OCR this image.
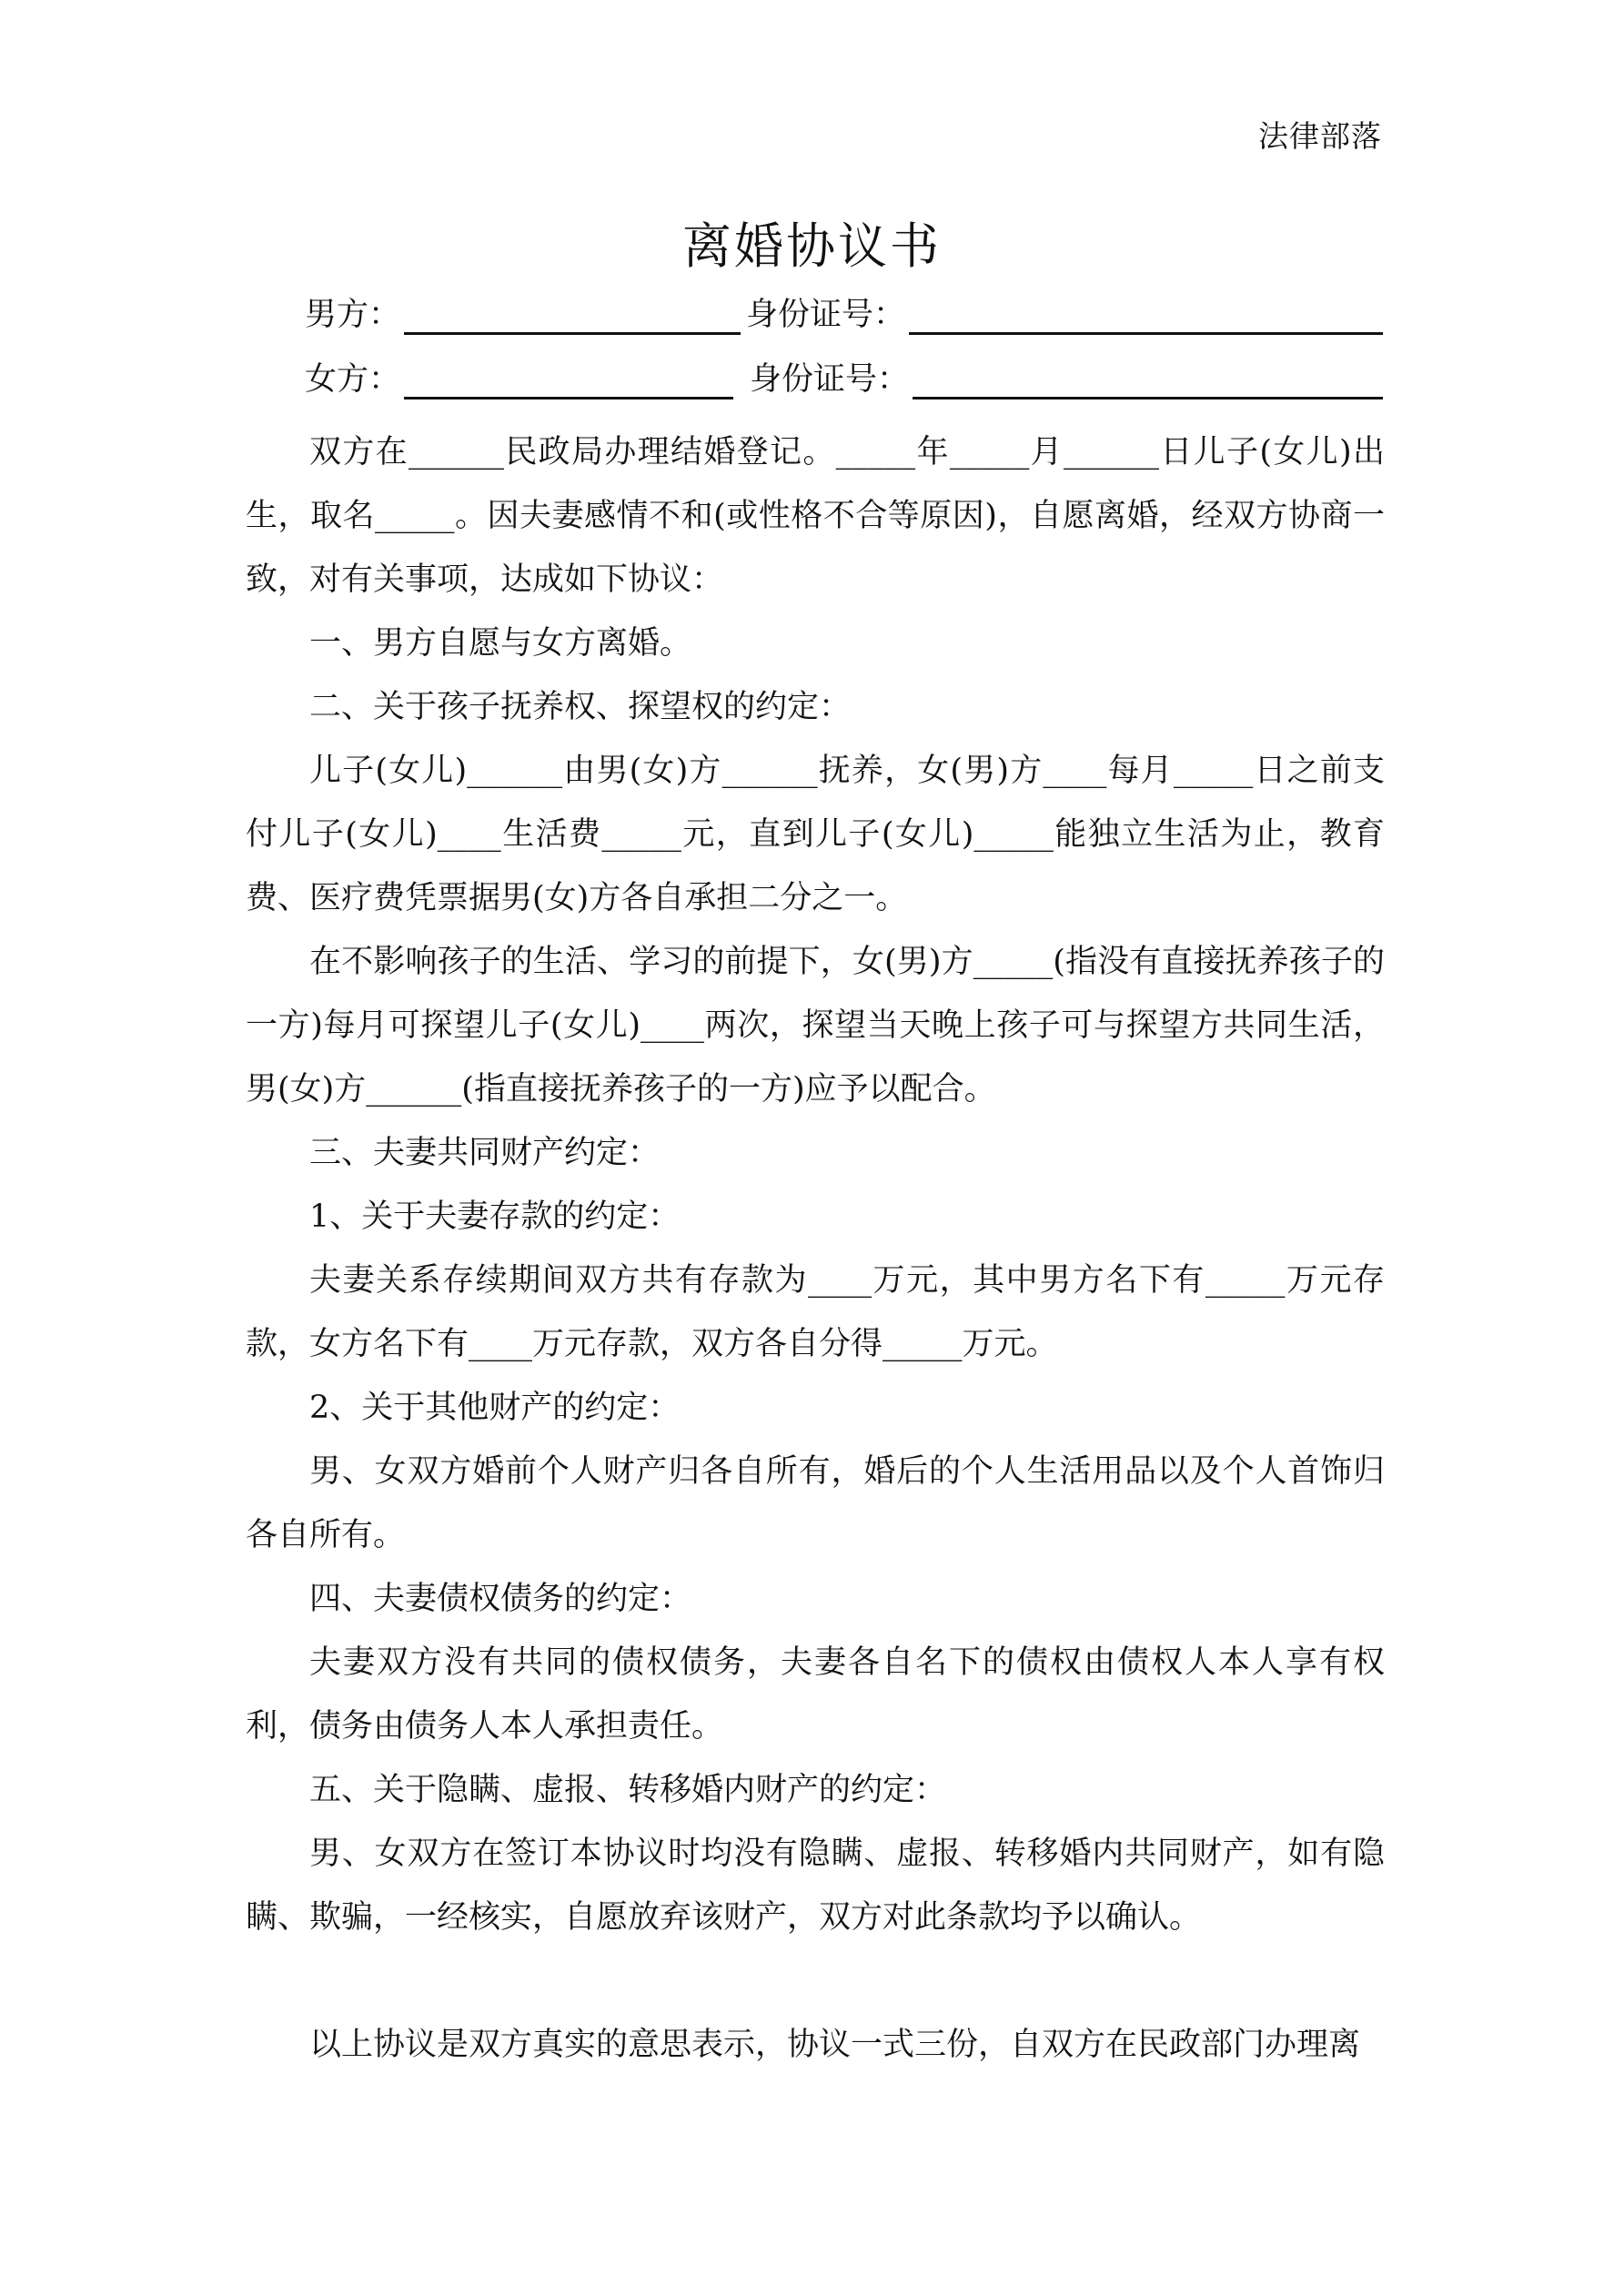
法律部落
离婚协议书
男方：	身份证号：
女方：	身份证号：

双方在______民政局办理结婚登记。_____年_____月______日儿子(女儿)出生，取名_____。因夫妻感情不和(或性格不合等原因)，自愿离婚，经双方协商一致，对有关事项，达成如下协议：

一、男方自愿与女方离婚。

二、关于孩子抚养权、探望权的约定：

儿子(女儿)______由男(女)方______抚养，女(男)方____每月_____日之前支付儿子(女儿)____生活费_____元，直到儿子(女儿)_____能独立生活为止，教育费、医疗费凭票据男(女)方各自承担二分之一。

在不影响孩子的生活、学习的前提下，女(男)方_____(指没有直接抚养孩子的一方)每月可探望儿子(女儿)____两次，探望当天晚上孩子可与探望方共同生活，男(女)方______(指直接抚养孩子的一方)应予以配合。

三、夫妻共同财产约定：

1、关于夫妻存款的约定：

夫妻关系存续期间双方共有存款为____万元，其中男方名下有_____万元存款，女方名下有____万元存款，双方各自分得_____万元。

2、关于其他财产的约定：

男、女双方婚前个人财产归各自所有，婚后的个人生活用品以及个人首饰归各自所有。

四、夫妻债权债务的约定：

夫妻双方没有共同的债权债务，夫妻各自名下的债权由债权人本人享有权利，债务由债务人本人承担责任。

五、关于隐瞒、虚报、转移婚内财产的约定：

男、女双方在签订本协议时均没有隐瞒、虚报、转移婚内共同财产，如有隐瞒、欺骗，一经核实，自愿放弃该财产，双方对此条款均予以确认。

以上协议是双方真实的意思表示，协议一式三份，自双方在民政部门办理离
